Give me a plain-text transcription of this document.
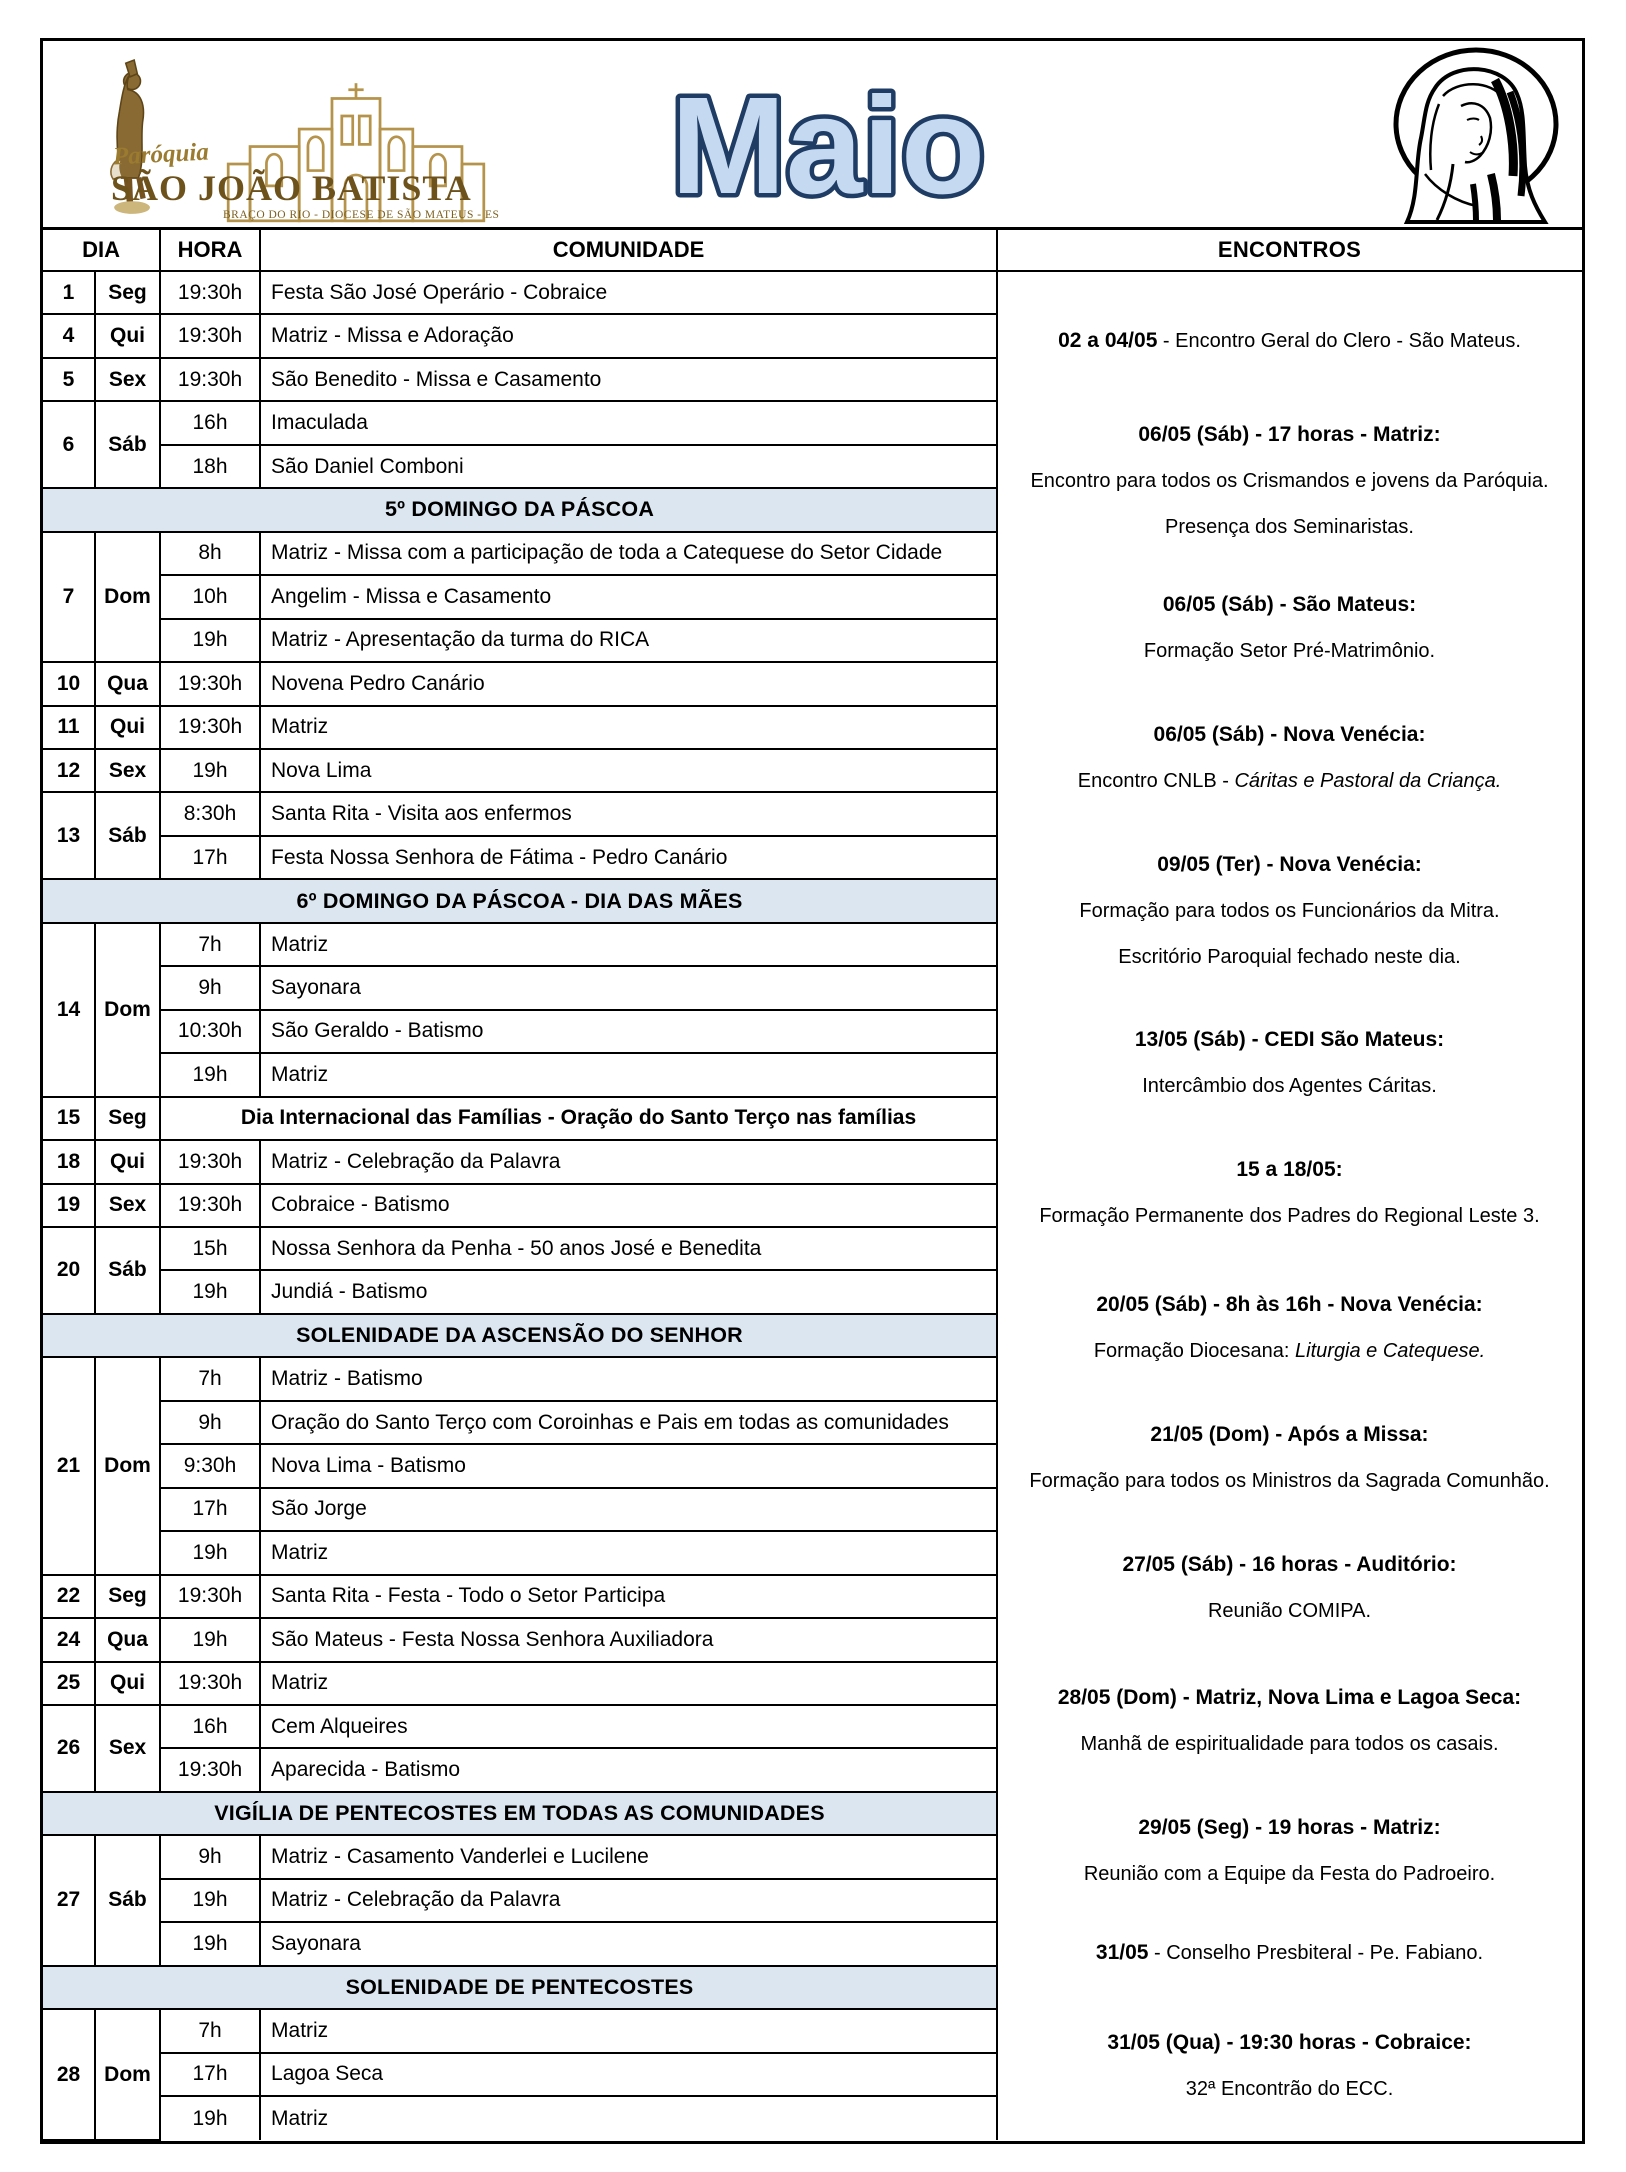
Paróquia
SÃO JOÃO BATISTA
BRAÇO DO RIO - DIOCESE DE SÃO MATEUS - ES Maio
DIA		HORA	COMUNIDADE
1	Seg	19:30h	Festa São José Operário - Cobraice
4	Qui	19:30h	Matriz - Missa e Adoração
5	Sex	19:30h	São Benedito - Missa e Casamento
6	Sáb	16h	Imaculada
		18h	São Daniel Comboni
5º DOMINGO DA PÁSCOA			
7	Dom	8h	Matriz - Missa com a participação de toda a Catequese do Setor Cidade
		10h	Angelim - Missa e Casamento
		19h	Matriz - Apresentação da turma do RICA
10	Qua	19:30h	Novena Pedro Canário
11	Qui	19:30h	Matriz
12	Sex	19h	Nova Lima
13	Sáb	8:30h	Santa Rita - Visita aos enfermos
		17h	Festa Nossa Senhora de Fátima - Pedro Canário
6º DOMINGO DA PÁSCOA - DIA DAS MÃES			
14	Dom	7h	Matriz
		9h	Sayonara
		10:30h	São Geraldo - Batismo
		19h	Matriz
15	Seg	Dia Internacional das Famílias - Oração do Santo Terço nas famílias	
18	Qui	19:30h	Matriz - Celebração da Palavra
19	Sex	19:30h	Cobraice - Batismo
20	Sáb	15h	Nossa Senhora da Penha - 50 anos José e Benedita
		19h	Jundiá - Batismo
SOLENIDADE DA ASCENSÃO DO SENHOR			
21	Dom	7h	Matriz - Batismo
		9h	Oração do Santo Terço com Coroinhas e Pais em todas as comunidades
		9:30h	Nova Lima - Batismo
		17h	São Jorge
		19h	Matriz
22	Seg	19:30h	Santa Rita - Festa - Todo o Setor Participa
24	Qua	19h	São Mateus - Festa Nossa Senhora Auxiliadora
25	Qui	19:30h	Matriz
26	Sex	16h	Cem Alqueires
		19:30h	Aparecida - Batismo
VIGÍLIA DE PENTECOSTES EM TODAS AS COMUNIDADES			
27	Sáb	9h	Matriz - Casamento Vanderlei e Lucilene
		19h	Matriz - Celebração da Palavra
		19h	Sayonara
SOLENIDADE DE PENTECOSTES			
28	Dom	7h	Matriz
		17h	Lagoa Seca
		19h	Matriz
ENCONTROS
02 a 04/05 - Encontro Geral do Clero - São Mateus.
06/05 (Sáb) - 17 horas - Matriz:
Encontro para todos os Crismandos e jovens da Paróquia.
Presença dos Seminaristas.
06/05 (Sáb) - São Mateus:
Formação Setor Pré-Matrimônio.
06/05 (Sáb) - Nova Venécia:
Encontro CNLB - Cáritas e Pastoral da Criança.
09/05 (Ter) - Nova Venécia:
Formação para todos os Funcionários da Mitra.
Escritório Paroquial fechado neste dia.
13/05 (Sáb) - CEDI São Mateus:
Intercâmbio dos Agentes Cáritas.
15 a 18/05:
Formação Permanente dos Padres do Regional Leste 3.
20/05 (Sáb) - 8h às 16h - Nova Venécia:
Formação Diocesana: Liturgia e Catequese.
21/05 (Dom) - Após a Missa:
Formação para todos os Ministros da Sagrada Comunhão.
27/05 (Sáb) - 16 horas - Auditório:
Reunião COMIPA.
28/05 (Dom) - Matriz, Nova Lima e Lagoa Seca:
Manhã de espiritualidade para todos os casais.
29/05 (Seg) - 19 horas - Matriz:
Reunião com a Equipe da Festa do Padroeiro.
31/05 - Conselho Presbiteral - Pe. Fabiano.
31/05 (Qua) - 19:30 horas - Cobraice:
32ª Encontrão do ECC.
